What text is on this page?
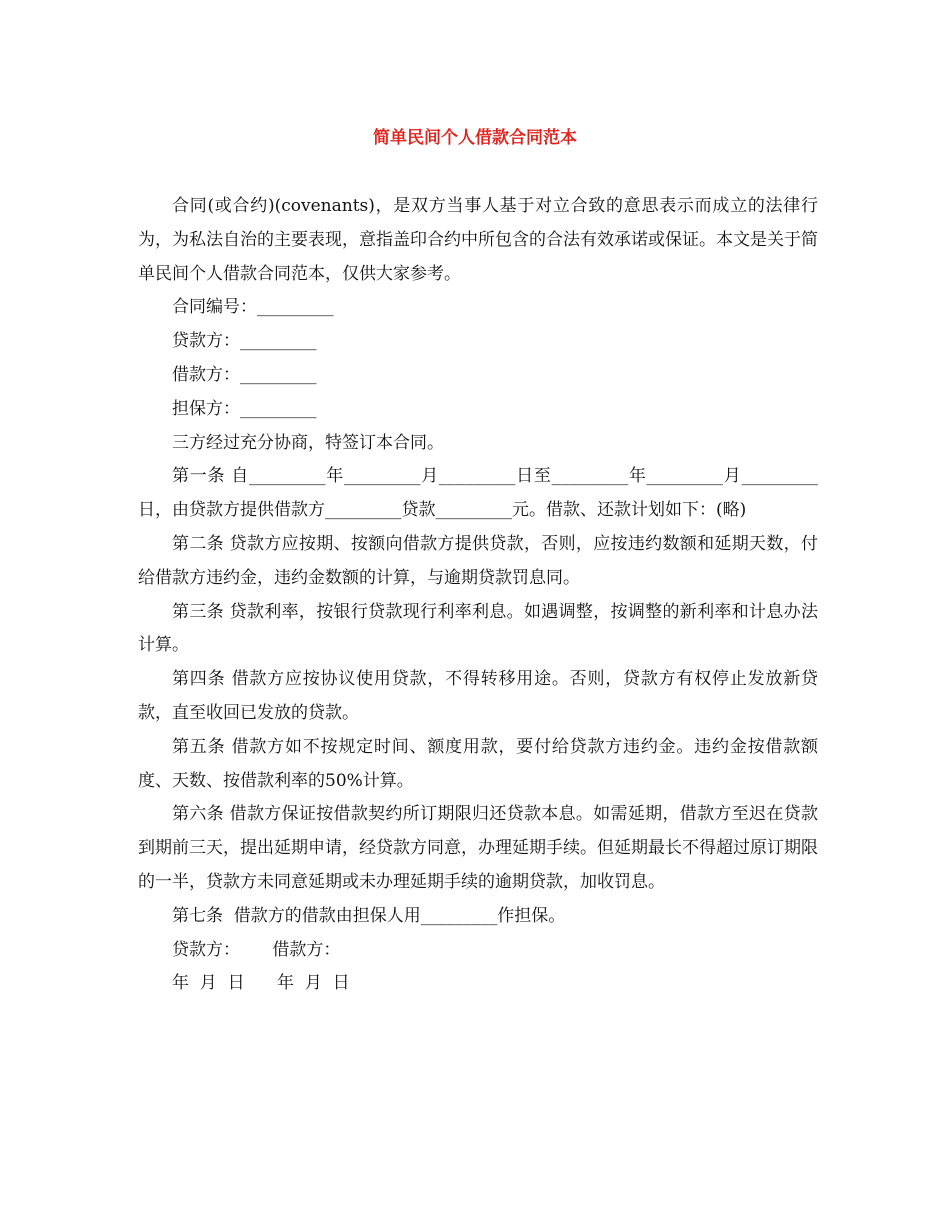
简单民间个人借款合同范本

合同(或合约)(covenants)，是双方当事人基于对立合致的意思表示而成立的法律行为，为私法自治的主要表现，意指盖印合约中所包含的合法有效承诺或保证。本文是关于简单民间个人借款合同范本，仅供大家参考。

合同编号：_________

贷款方：_________

借款方：_________

担保方：_________

三方经过充分协商，特签订本合同。

第一条 自_________年_________月_________日至_________年_________月_________日，由贷款方提供借款方_________贷款_________元。借款、还款计划如下：(略)

第二条 贷款方应按期、按额向借款方提供贷款，否则，应按违约数额和延期天数，付给借款方违约金，违约金数额的计算，与逾期贷款罚息同。

第三条 贷款利率，按银行贷款现行利率利息。如遇调整，按调整的新利率和计息办法计算。

第四条 借款方应按协议使用贷款，不得转移用途。否则，贷款方有权停止发放新贷款，直至收回已发放的贷款。

第五条 借款方如不按规定时间、额度用款，要付给贷款方违约金。违约金按借款额度、天数、按借款利率的50%计算。

第六条 借款方保证按借款契约所订期限归还贷款本息。如需延期，借款方至迟在贷款到期前三天，提出延期申请，经贷款方同意，办理延期手续。但延期最长不得超过原订期限的一半，贷款方未同意延期或未办理延期手续的逾期贷款，加收罚息。

第七条  借款方的借款由担保人用_________作担保。

贷款方：      借款方：

年  月  日      年  月  日
